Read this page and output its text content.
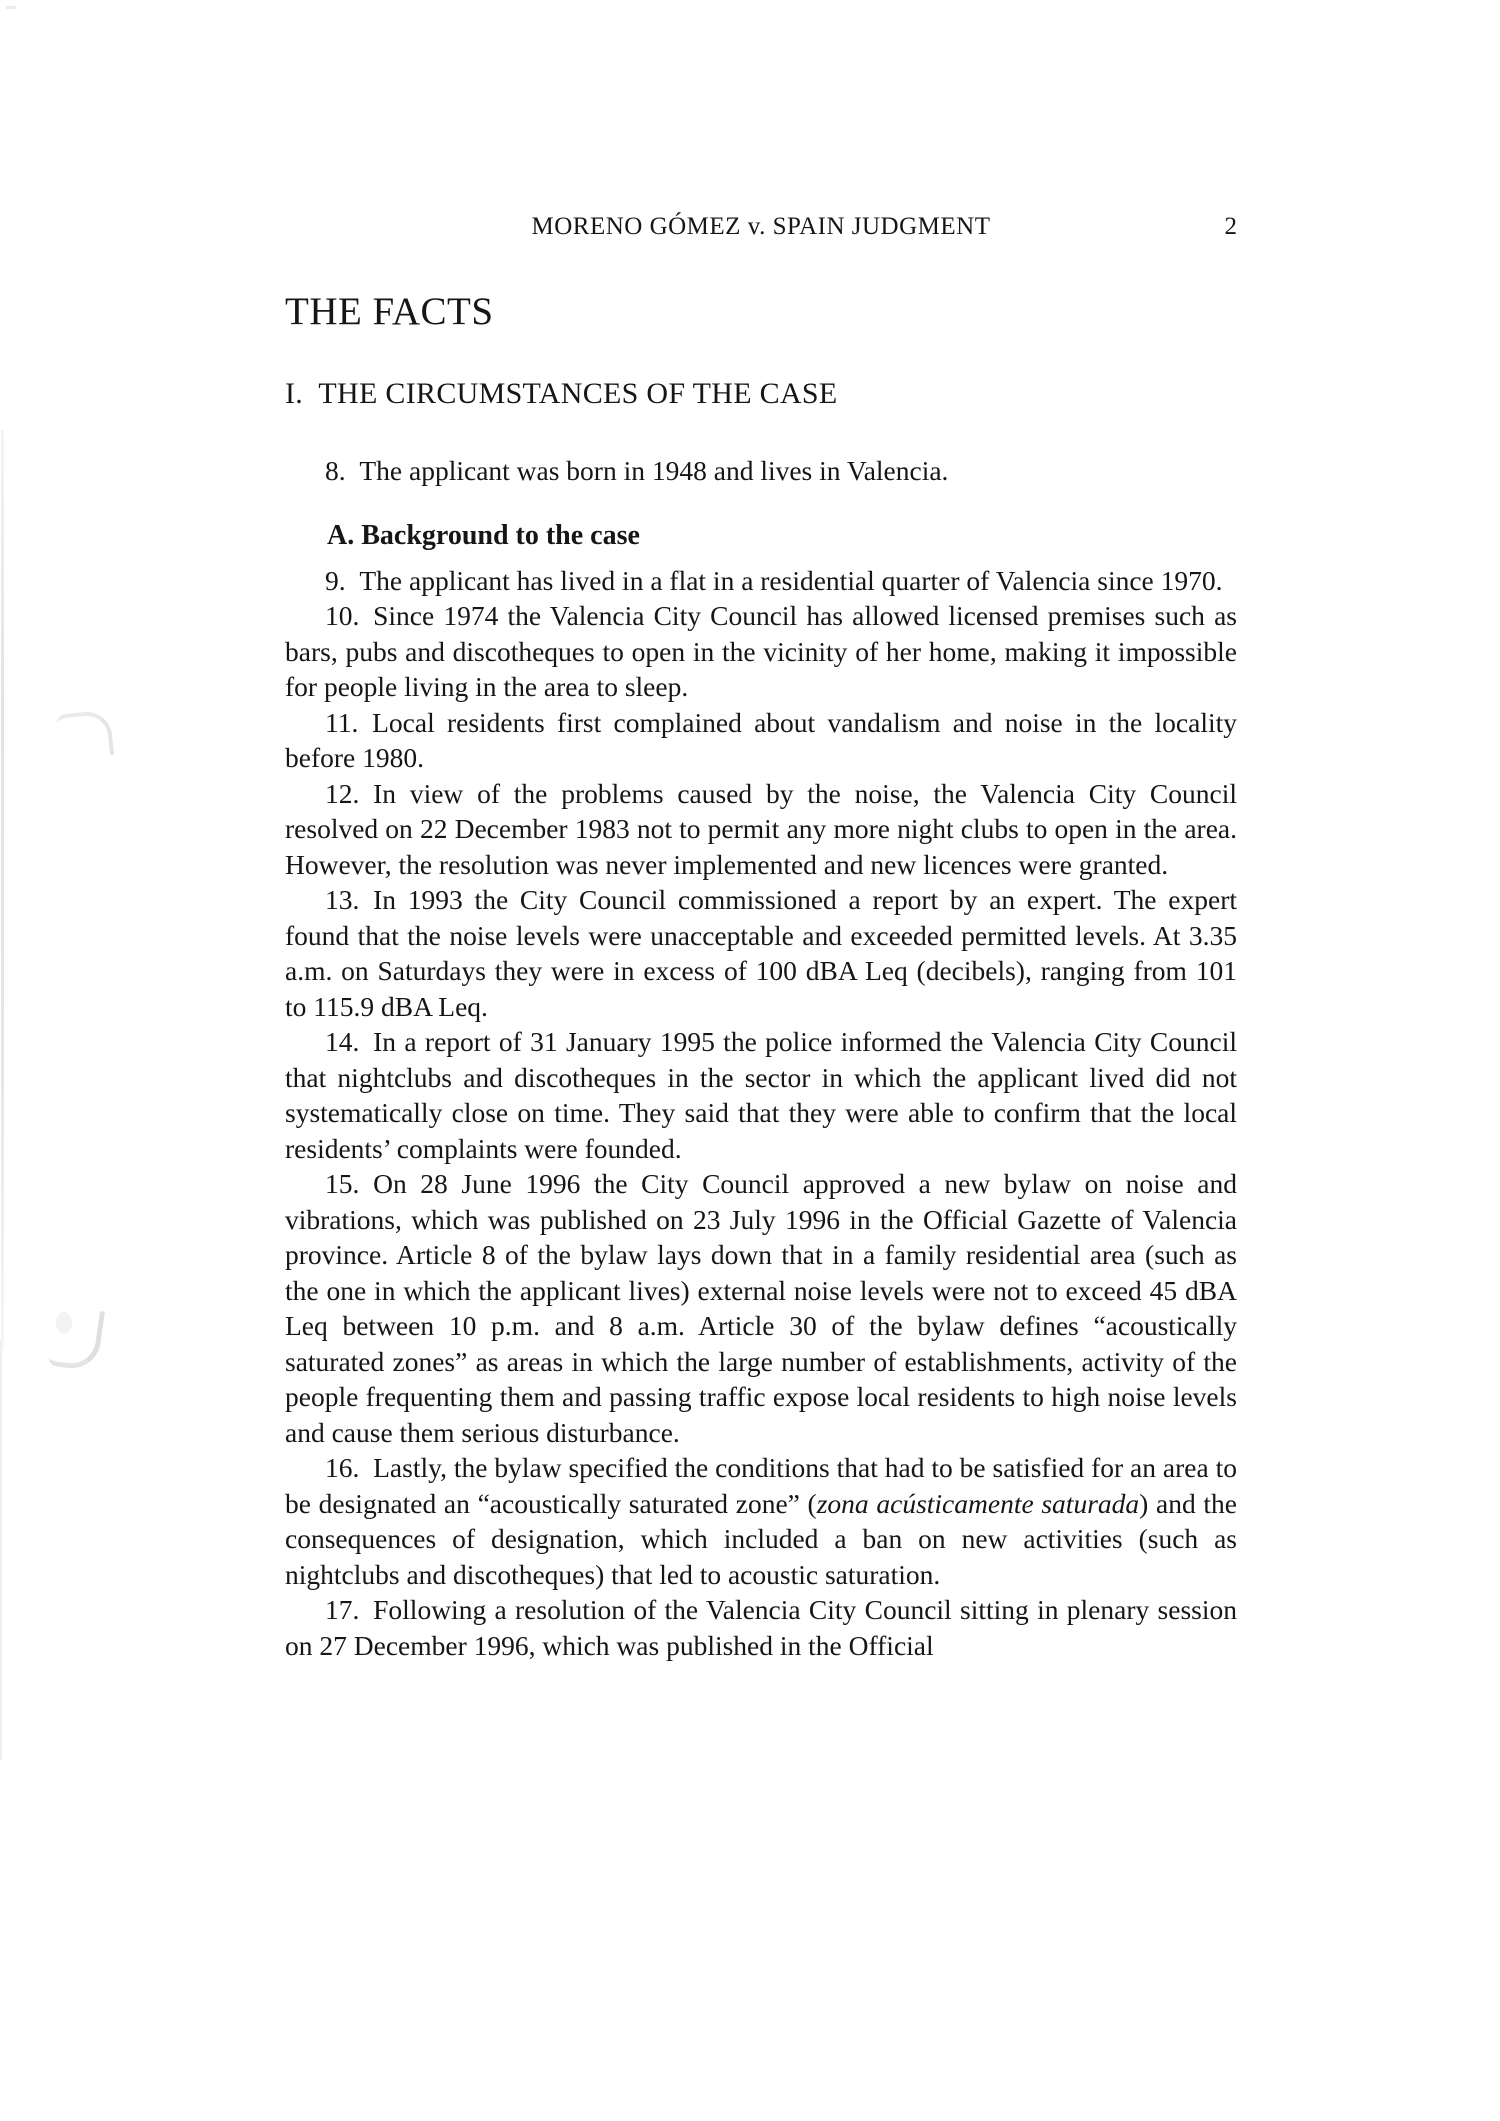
MORENO GÓMEZ v. SPAIN JUDGMENT	2
THE FACTS
I. THE CIRCUMSTANCES OF THE CASE

8. The applicant was born in 1948 and lives in Valencia.

A. Background to the case

9. The applicant has lived in a flat in a residential quarter of Valencia since 1970.

10. Since 1974 the Valencia City Council has allowed licensed premises such as bars, pubs and discotheques to open in the vicinity of her home, making it impossible for people living in the area to sleep.

11. Local residents first complained about vandalism and noise in the locality before 1980.

12. In view of the problems caused by the noise, the Valencia City Council resolved on 22 December 1983 not to permit any more night clubs to open in the area. However, the resolution was never implemented and new licences were granted.

13. In 1993 the City Council commissioned a report by an expert. The expert found that the noise levels were unacceptable and exceeded permitted levels. At 3.35 a.m. on Saturdays they were in excess of 100 dBA Leq (decibels), ranging from 101 to 115.9 dBA Leq.

14. In a report of 31 January 1995 the police informed the Valencia City Council that nightclubs and discotheques in the sector in which the applicant lived did not systematically close on time. They said that they were able to confirm that the local residents’ complaints were founded.

15. On 28 June 1996 the City Council approved a new bylaw on noise and vibrations, which was published on 23 July 1996 in the Official Gazette of Valencia province. Article 8 of the bylaw lays down that in a family residential area (such as the one in which the applicant lives) external noise levels were not to exceed 45 dBA Leq between 10 p.m. and 8 a.m. Article 30 of the bylaw defines “acoustically saturated zones” as areas in which the large number of establishments, activity of the people frequenting them and passing traffic expose local residents to high noise levels and cause them serious disturbance.

16. Lastly, the bylaw specified the conditions that had to be satisfied for an area to be designated an “acoustically saturated zone” (zona acústicamente saturada) and the consequences of designation, which included a ban on new activities (such as nightclubs and discotheques) that led to acoustic saturation.

17. Following a resolution of the Valencia City Council sitting in plenary session on 27 December 1996, which was published in the Official
